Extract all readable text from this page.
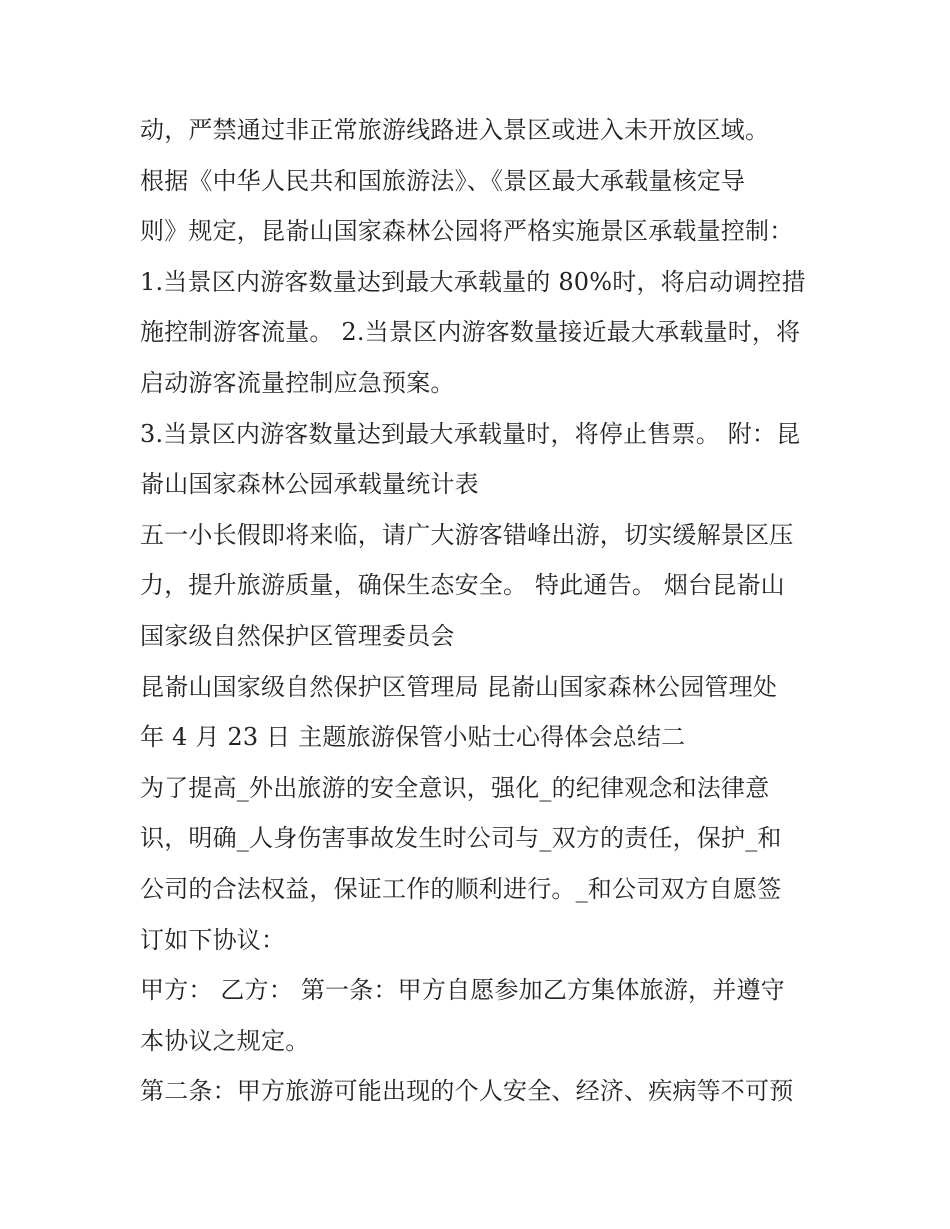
动，严禁通过非正常旅游线路进入景区或进入未开放区域。
根据《中华人民共和国旅游法》、《景区最大承载量核定导
则》规定，昆嵛山国家森林公园将严格实施景区承载量控制：
1.当景区内游客数量达到最大承载量的 80%时，将启动调控措
施控制游客流量。 2.当景区内游客数量接近最大承载量时，将
启动游客流量控制应急预案。
3.当景区内游客数量达到最大承载量时，将停止售票。 附：昆
嵛山国家森林公园承载量统计表
五一小长假即将来临，请广大游客错峰出游，切实缓解景区压
力，提升旅游质量，确保生态安全。 特此通告。 烟台昆嵛山
国家级自然保护区管理委员会
昆嵛山国家级自然保护区管理局 昆嵛山国家森林公园管理处
年 4 月 23 日 主题旅游保管小贴士心得体会总结二
为了提高_外出旅游的安全意识，强化_的纪律观念和法律意
识，明确_人身伤害事故发生时公司与_双方的责任，保护_和
公司的合法权益，保证工作的顺利进行。_和公司双方自愿签
订如下协议：
甲方： 乙方： 第一条：甲方自愿参加乙方集体旅游，并遵守
本协议之规定。
第二条：甲方旅游可能出现的个人安全、经济、疾病等不可预
